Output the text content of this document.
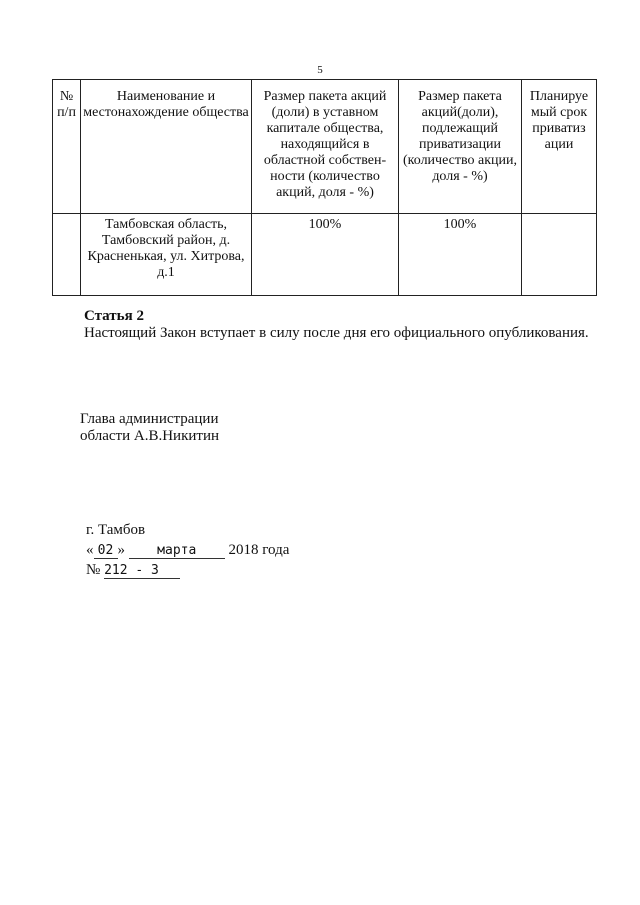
5
№ п/п	Наименование и местонахождение общества	Размер пакета акций (доли) в уставном капитале общества, находящийся в областной собствен-ности (количество акций, доля - %)	Размер пакета акций(доли), подлежащий приватизации (количество акции, доля - %)	Планируе мый срок приватиз ации
	Тамбовская область, Тамбовский район, д. Красненькая, ул. Хитрова, д.1	100%	100%	
Статья 2
Настоящий Закон вступает в силу после дня его официального опубликования.
Глава администрации
области А.В.Никитин
г. Тамбов
« 02 » марта 2018 года
№ 212 - З
